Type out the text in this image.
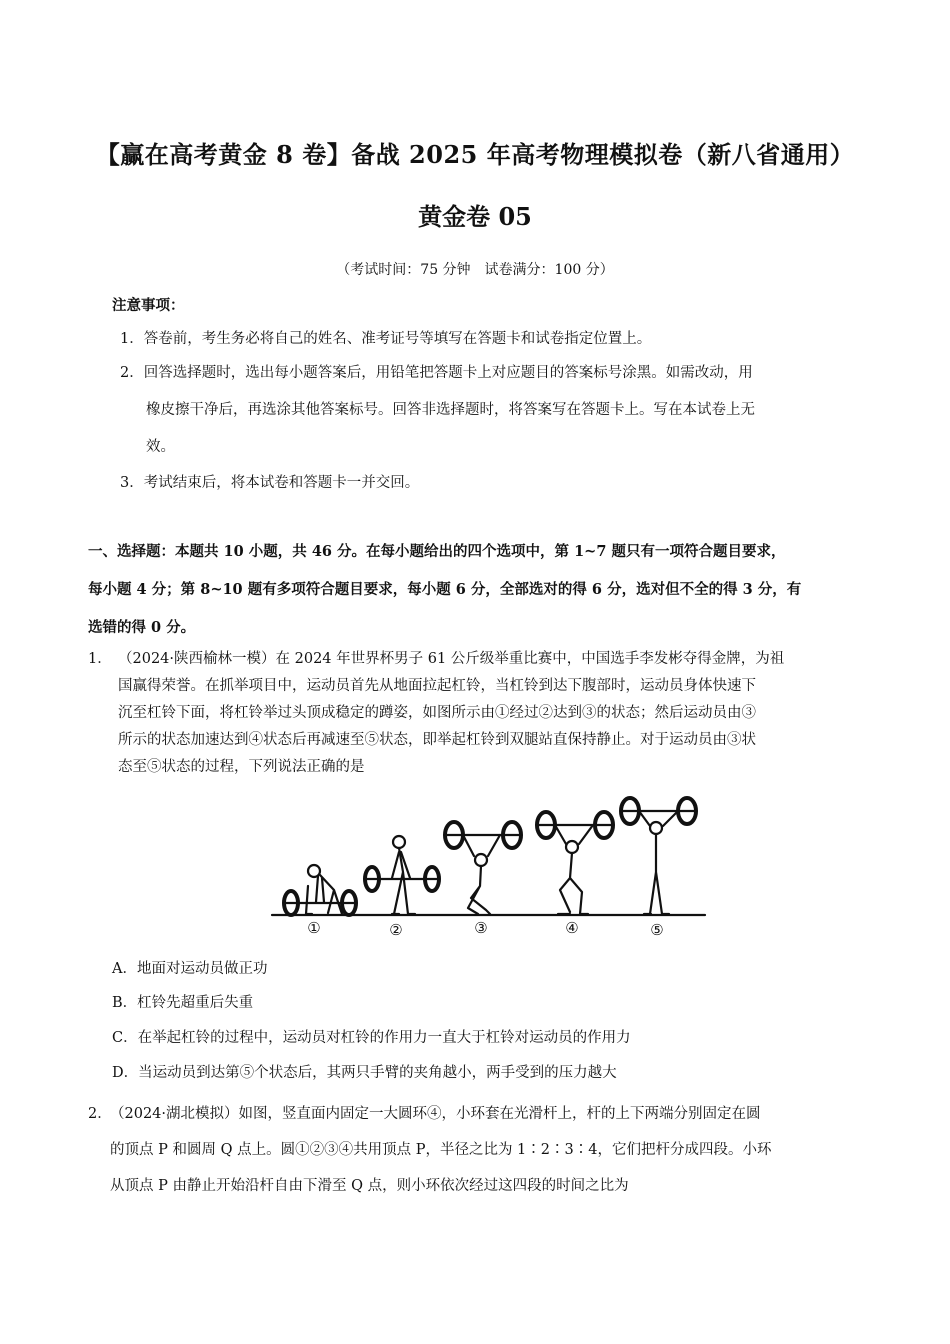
【赢在高考黄金 8 卷】备战 2025 年高考物理模拟卷（新八省通用）
黄金卷 05
（考试时间：75 分钟　试卷满分：100 分）
注意事项：
1．答卷前，考生务必将自己的姓名、准考证号等填写在答题卡和试卷指定位置上。
2．回答选择题时，选出每小题答案后，用铅笔把答题卡上对应题目的答案标号涂黑。如需改动，用
橡皮擦干净后，再选涂其他答案标号。回答非选择题时，将答案写在答题卡上。写在本试卷上无
效。
3．考试结束后，将本试卷和答题卡一并交回。
一、选择题：本题共 10 小题，共 46 分。在每小题给出的四个选项中，第 1~7 题只有一项符合题目要求，
每小题 4 分；第 8~10 题有多项符合题目要求，每小题 6 分，全部选对的得 6 分，选对但不全的得 3 分，有
选错的得 0 分。
1． （2024·陕西榆林一模）在 2024 年世界杯男子 61 公斤级举重比赛中，中国选手李发彬夺得金牌，为祖
国赢得荣誉。在抓举项目中，运动员首先从地面拉起杠铃，当杠铃到达下腹部时，运动员身体快速下
沉至杠铃下面，将杠铃举过头顶成稳定的蹲姿，如图所示由①经过②达到③的状态；然后运动员由③
所示的状态加速达到④状态后再减速至⑤状态，即举起杠铃到双腿站直保持静止。对于运动员由③状
态至⑤状态的过程，下列说法正确的是
①	②	③	④	⑤
A．地面对运动员做正功
B．杠铃先超重后失重
C．在举起杠铃的过程中，运动员对杠铃的作用力一直大于杠铃对运动员的作用力
D．当运动员到达第⑤个状态后，其两只手臂的夹角越小，两手受到的压力越大
2．
（2024·湖北模拟）如图，竖直面内固定一大圆环④，小环套在光滑杆上，杆的上下两端分别固定在圆
的顶点 P 和圆周 Q 点上。圆①②③④共用顶点 P，半径之比为 1∶2∶3∶4，它们把杆分成四段。小环
从顶点 P 由静止开始沿杆自由下滑至 Q 点，则小环依次经过这四段的时间之比为
